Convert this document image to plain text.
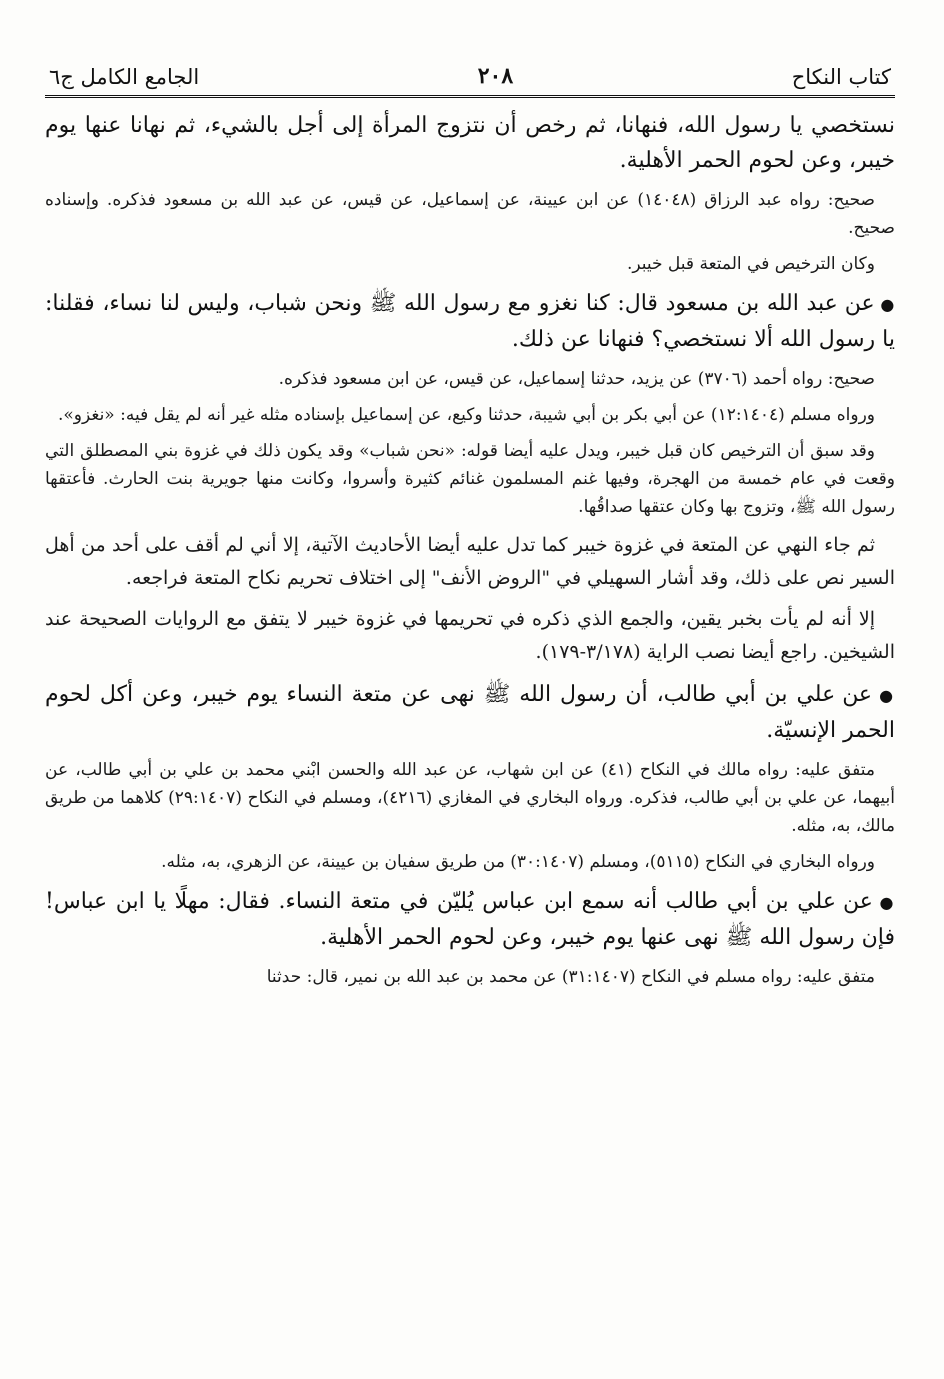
كتاب النكاح
٢٠٨
الجامع الكامل ج٦

نستخصي يا رسول الله، فنهانا، ثم رخص أن نتزوج المرأة إلى أجل بالشيء، ثم نهانا عنها يوم خيبر، وعن لحوم الحمر الأهلية.

صحيح: رواه عبد الرزاق (١٤٠٤٨) عن ابن عيينة، عن إسماعيل، عن قيس، عن عبد الله بن مسعود فذكره. وإسناده صحيح.

وكان الترخيص في المتعة قبل خيبر.

● عن عبد الله بن مسعود قال: كنا نغزو مع رسول الله ﷺ ونحن شباب، وليس لنا نساء، فقلنا: يا رسول الله ألا نستخصي؟ فنهانا عن ذلك.

صحيح: رواه أحمد (٣٧٠٦) عن يزيد، حدثنا إسماعيل، عن قيس، عن ابن مسعود فذكره.

ورواه مسلم (١٢:١٤٠٤) عن أبي بكر بن أبي شيبة، حدثنا وكيع، عن إسماعيل بإسناده مثله غير أنه لم يقل فيه: «نغزو».

وقد سبق أن الترخيص كان قبل خيبر، ويدل عليه أيضا قوله: «نحن شباب» وقد يكون ذلك في غزوة بني المصطلق التي وقعت في عام خمسة من الهجرة، وفيها غنم المسلمون غنائم كثيرة وأسروا، وكانت منها جويرية بنت الحارث. فأعتقها رسول الله ﷺ، وتزوج بها وكان عتقها صداقُها.

ثم جاء النهي عن المتعة في غزوة خيبر كما تدل عليه أيضا الأحاديث الآتية، إلا أني لم أقف على أحد من أهل السير نص على ذلك، وقد أشار السهيلي في "الروض الأنف" إلى اختلاف تحريم نكاح المتعة فراجعه.

إلا أنه لم يأت بخبر يقين، والجمع الذي ذكره في تحريمها في غزوة خيبر لا يتفق مع الروايات الصحيحة عند الشيخين. راجع أيضا نصب الراية (٣/١٧٨-١٧٩).

● عن علي بن أبي طالب، أن رسول الله ﷺ نهى عن متعة النساء يوم خيبر، وعن أكل لحوم الحمر الإنسيّة.

متفق عليه: رواه مالك في النكاح (٤١) عن ابن شهاب، عن عبد الله والحسن ابْني محمد بن علي بن أبي طالب، عن أبيهما، عن علي بن أبي طالب، فذكره. ورواه البخاري في المغازي (٤٢١٦)، ومسلم في النكاح (٢٩:١٤٠٧) كلاهما من طريق مالك، به، مثله.

ورواه البخاري في النكاح (٥١١٥)، ومسلم (٣٠:١٤٠٧) من طريق سفيان بن عيينة، عن الزهري، به، مثله.

● عن علي بن أبي طالب أنه سمع ابن عباس يُليّن في متعة النساء. فقال: مهلًا يا ابن عباس! فإن رسول الله ﷺ نهى عنها يوم خيبر، وعن لحوم الحمر الأهلية.

متفق عليه: رواه مسلم في النكاح (٣١:١٤٠٧) عن محمد بن عبد الله بن نمير، قال: حدثنا
